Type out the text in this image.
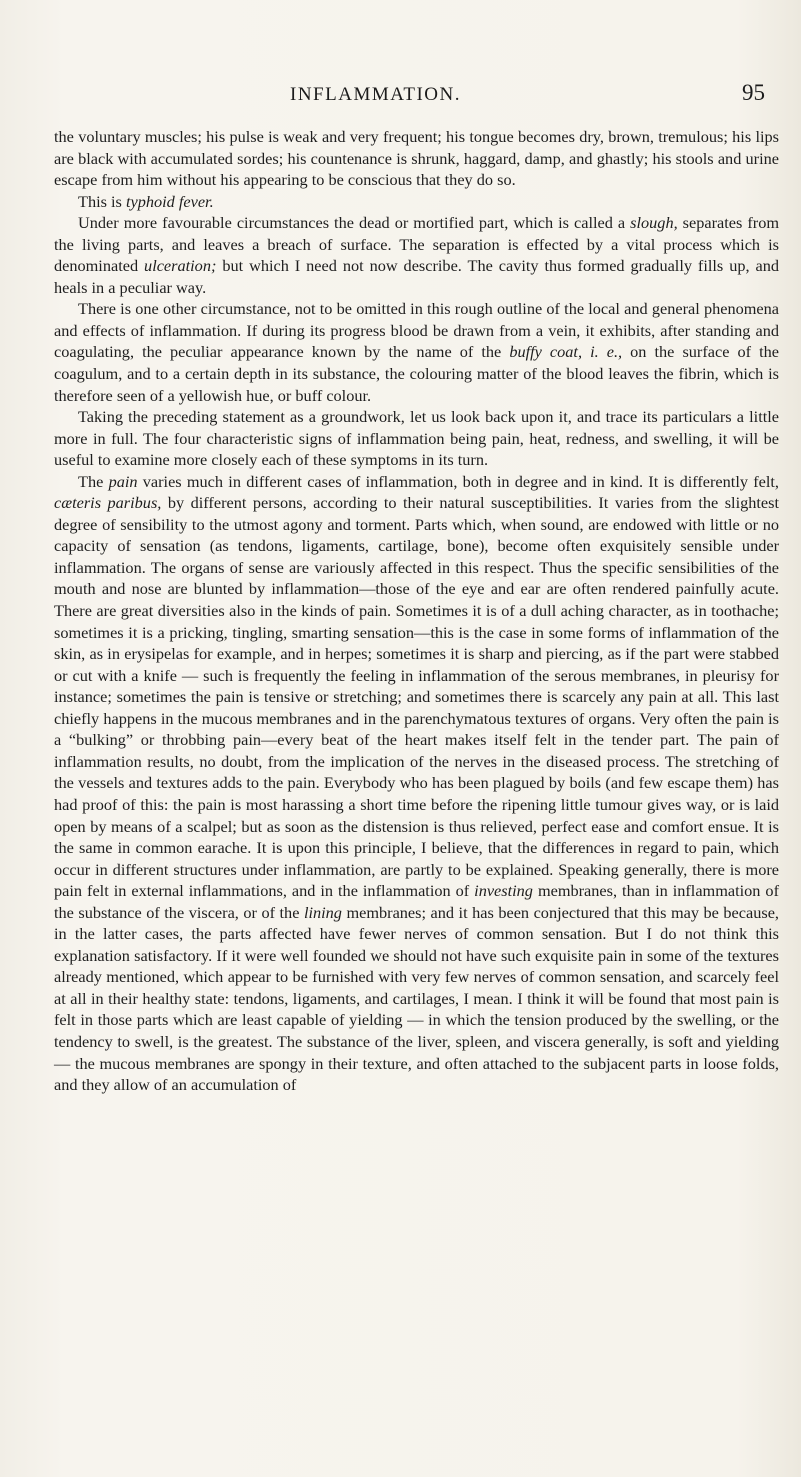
INFLAMMATION.	95

the voluntary muscles; his pulse is weak and very frequent; his tongue becomes dry, brown, tremulous; his lips are black with accumulated sordes; his countenance is shrunk, haggard, damp, and ghastly; his stools and urine escape from him without his appearing to be conscious that they do so.

This is typhoid fever.

Under more favourable circumstances the dead or mortified part, which is called a slough, separates from the living parts, and leaves a breach of surface. The separation is effected by a vital process which is denominated ulceration; but which I need not now describe. The cavity thus formed gradually fills up, and heals in a peculiar way.

There is one other circumstance, not to be omitted in this rough outline of the local and general phenomena and effects of inflammation. If during its progress blood be drawn from a vein, it exhibits, after standing and coagulating, the peculiar appearance known by the name of the buffy coat, i. e., on the surface of the coagulum, and to a certain depth in its substance, the colouring matter of the blood leaves the fibrin, which is therefore seen of a yellowish hue, or buff colour.

Taking the preceding statement as a groundwork, let us look back upon it, and trace its particulars a little more in full. The four characteristic signs of inflammation being pain, heat, redness, and swelling, it will be useful to examine more closely each of these symptoms in its turn.

The pain varies much in different cases of inflammation, both in degree and in kind. It is differently felt, cæteris paribus, by different persons, according to their natural susceptibilities. It varies from the slightest degree of sensibility to the utmost agony and torment. Parts which, when sound, are endowed with little or no capacity of sensation (as tendons, ligaments, cartilage, bone), become often exquisitely sensible under inflammation. The organs of sense are variously affected in this respect. Thus the specific sensibilities of the mouth and nose are blunted by inflammation—those of the eye and ear are often rendered painfully acute. There are great diversities also in the kinds of pain. Sometimes it is of a dull aching character, as in toothache; sometimes it is a pricking, tingling, smarting sensation—this is the case in some forms of inflammation of the skin, as in erysipelas for example, and in herpes; sometimes it is sharp and piercing, as if the part were stabbed or cut with a knife — such is frequently the feeling in inflammation of the serous membranes, in pleurisy for instance; sometimes the pain is tensive or stretching; and sometimes there is scarcely any pain at all. This last chiefly happens in the mucous membranes and in the parenchymatous textures of organs. Very often the pain is a “bulking” or throbbing pain—every beat of the heart makes itself felt in the tender part. The pain of inflammation results, no doubt, from the implication of the nerves in the diseased process. The stretching of the vessels and textures adds to the pain. Everybody who has been plagued by boils (and few escape them) has had proof of this: the pain is most harassing a short time before the ripening little tumour gives way, or is laid open by means of a scalpel; but as soon as the distension is thus relieved, perfect ease and comfort ensue. It is the same in common earache. It is upon this principle, I believe, that the differences in regard to pain, which occur in different structures under inflammation, are partly to be explained. Speaking generally, there is more pain felt in external inflammations, and in the inflammation of investing membranes, than in inflammation of the substance of the viscera, or of the lining membranes; and it has been conjectured that this may be because, in the latter cases, the parts affected have fewer nerves of common sensation. But I do not think this explanation satisfactory. If it were well founded we should not have such exquisite pain in some of the textures already mentioned, which appear to be furnished with very few nerves of common sensation, and scarcely feel at all in their healthy state: tendons, ligaments, and cartilages, I mean. I think it will be found that most pain is felt in those parts which are least capable of yielding — in which the tension produced by the swelling, or the tendency to swell, is the greatest. The substance of the liver, spleen, and viscera generally, is soft and yielding — the mucous membranes are spongy in their texture, and often attached to the subjacent parts in loose folds, and they allow of an accumulation of
